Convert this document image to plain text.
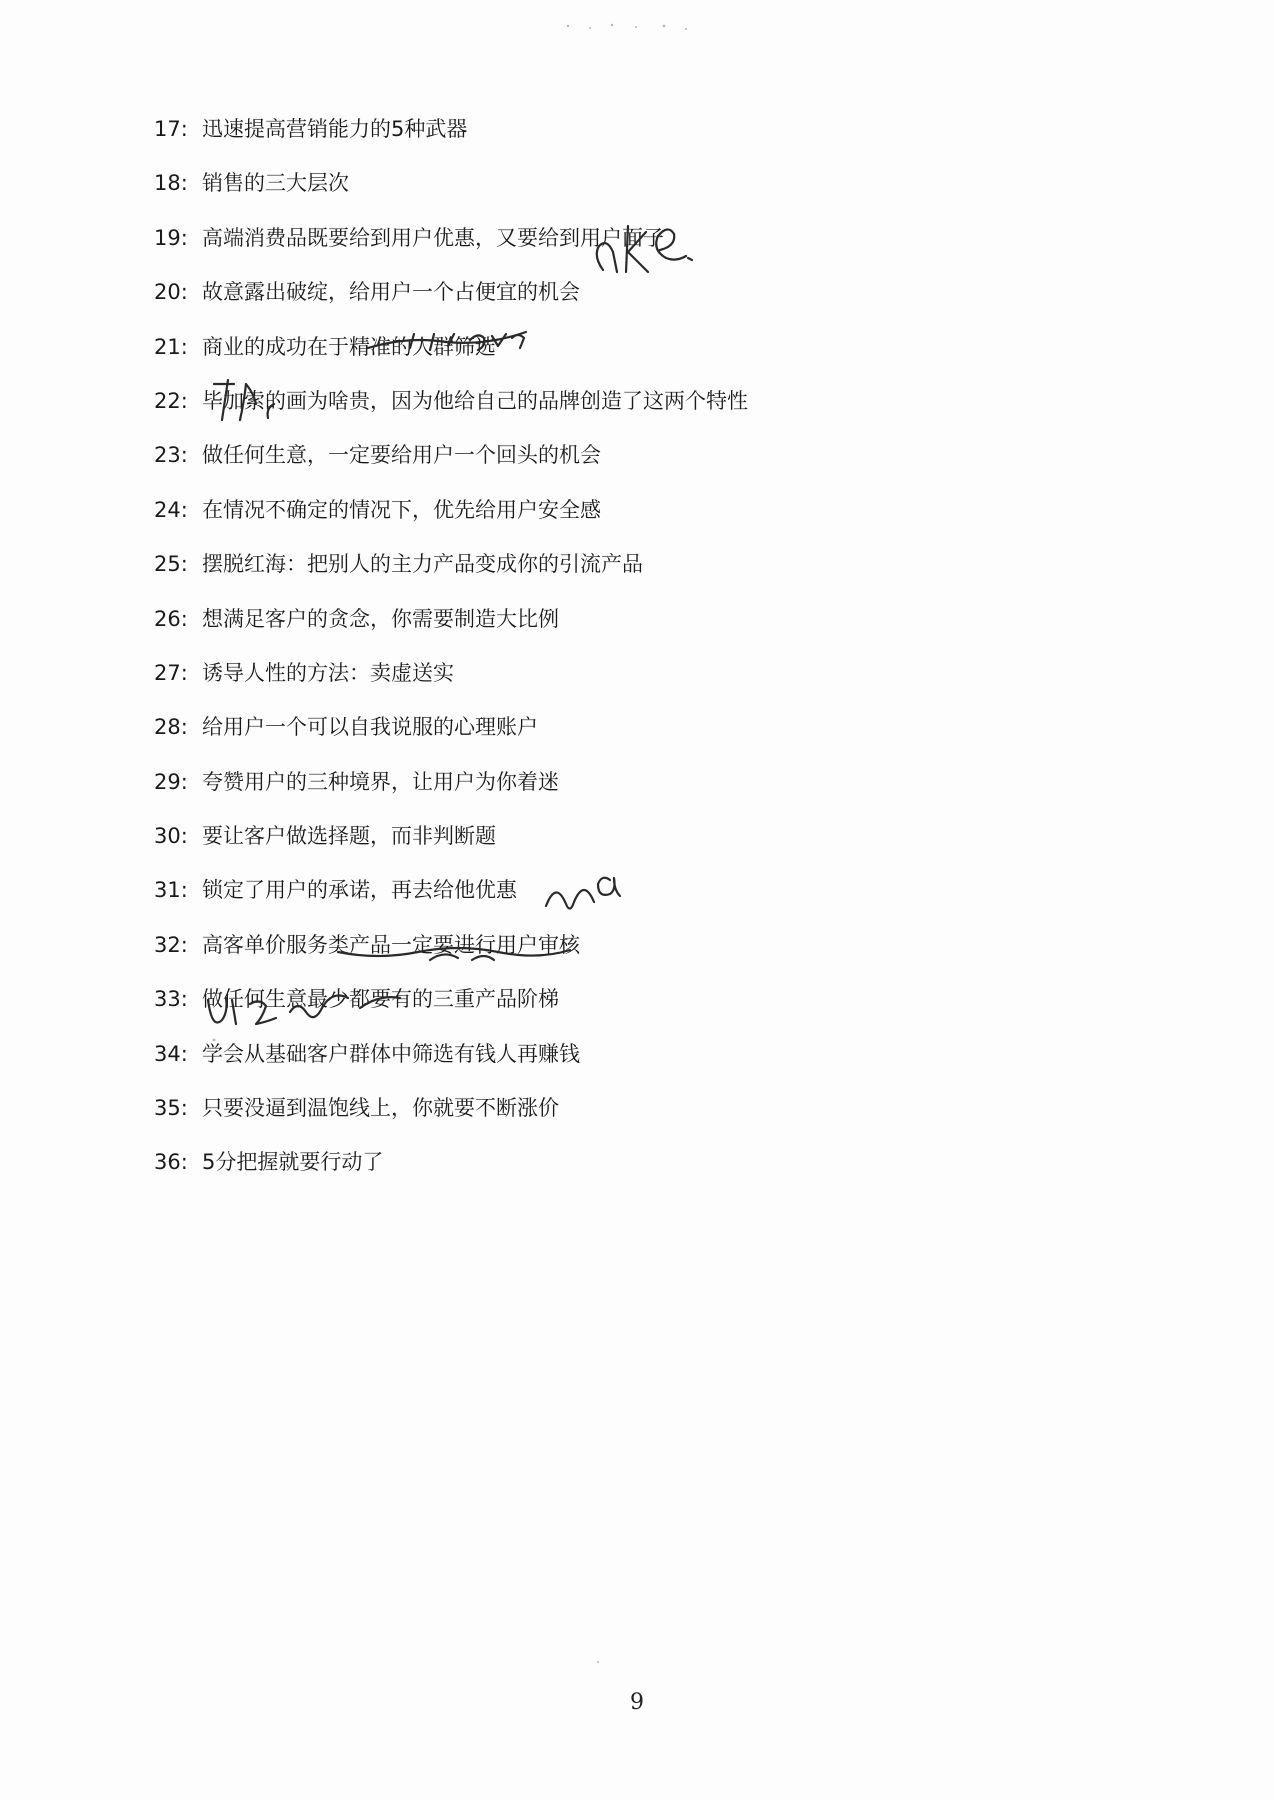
17: 迅速提高营销能力的5种武器
18: 销售的三大层次
19: 高端消费品既要给到用户优惠，又要给到用户面子
20: 故意露出破绽，给用户一个占便宜的机会
21: 商业的成功在于精准的人群筛选
22: 毕加索的画为啥贵，因为他给自己的品牌创造了这两个特性
23: 做任何生意，一定要给用户一个回头的机会
24: 在情况不确定的情况下，优先给用户安全感
25: 摆脱红海：把别人的主力产品变成你的引流产品
26: 想满足客户的贪念，你需要制造大比例
27: 诱导人性的方法：卖虚送实
28: 给用户一个可以自我说服的心理账户
29: 夸赞用户的三种境界，让用户为你着迷
30: 要让客户做选择题，而非判断题
31: 锁定了用户的承诺，再去给他优惠
32: 高客单价服务类产品一定要进行用户审核
33: 做任何生意最少都要有的三重产品阶梯
34: 学会从基础客户群体中筛选有钱人再赚钱
35: 只要没逼到温饱线上，你就要不断涨价
36: 5分把握就要行动了
9
